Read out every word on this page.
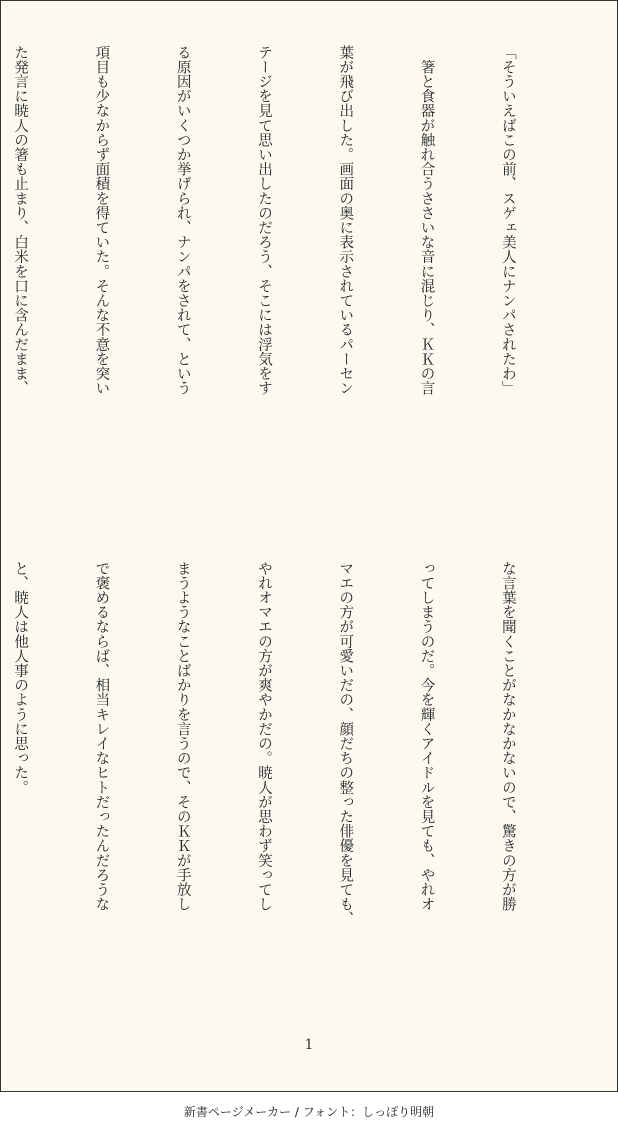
「そういえばこの前、スゲェ美人にナンパされたわ」

　箸と食器が触れ合うささいな音に混じり、ＫＫの言

葉が飛び出した。画面の奥に表示されているパーセン

テージを見て思い出したのだろう、そこには浮気をす

る原因がいくつか挙げられ、ナンパをされて、という

項目も少なからず面積を得ていた。そんな不意を突い

た発言に暁人の箸も止まり、白米を口に含んだまま、

な言葉を聞くことがなかなかないので、驚きの方が勝

ってしまうのだ。今を輝くアイドルを見ても、やれオ

マエの方が可愛いだの、顔だちの整った俳優を見ても、

やれオマエの方が爽やかだの。暁人が思わず笑ってし

まうようなことばかりを言うので、そのＫＫが手放し

で褒めるならば、相当キレイなヒトだったんだろうな

と、暁人は他人事のように思った。

1
新書ページメーカー / フォント：しっぽり明朝
